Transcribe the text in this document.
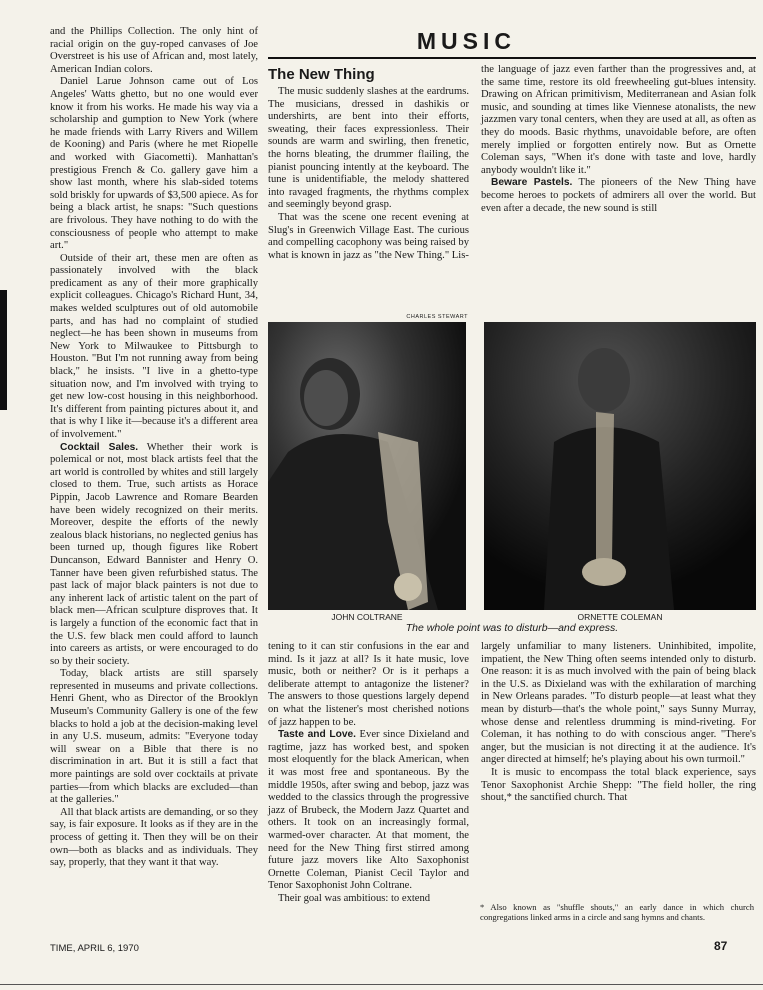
and the Phillips Collection. The only hint of racial origin on the guy-roped canvases of Joe Overstreet is his use of African and, most lately, American Indian colors.

Daniel Larue Johnson came out of Los Angeles' Watts ghetto, but no one would ever know it from his works. He made his way via a scholarship and gumption to New York (where he made friends with Larry Rivers and Willem de Kooning) and Paris (where he met Riopelle and worked with Giacometti). Manhattan's prestigious French & Co. gallery gave him a show last month, where his slab-sided totems sold briskly for upwards of $3,500 apiece. As for being a black artist, he snaps: "Such questions are frivolous. They have nothing to do with the consciousness of people who attempt to make art."

Outside of their art, these men are often as passionately involved with the black predicament as any of their more graphically explicit colleagues. Chicago's Richard Hunt, 34, makes welded sculptures out of old automobile parts, and has had no complaint of studied neglect—he has been shown in museums from New York to Milwaukee to Pittsburgh to Houston. "But I'm not running away from being black," he insists. "I live in a ghetto-type situation now, and I'm involved with trying to get new low-cost housing in this neighborhood. It's different from painting pictures about it, and that is why I like it—because it's a different area of involvement."

Cocktail Sales. Whether their work is polemical or not, most black artists feel that the art world is controlled by whites and still largely closed to them. True, such artists as Horace Pippin, Jacob Lawrence and Romare Bearden have been widely recognized on their merits. Moreover, despite the efforts of the newly zealous black historians, no neglected genius has been turned up, though figures like Robert Duncanson, Edward Bannister and Henry O. Tanner have been given refurbished status. The past lack of major black painters is not due to any inherent lack of artistic talent on the part of black men—African sculpture disproves that. It is largely a function of the economic fact that in the U.S. few black men could afford to launch into careers as artists, or were encouraged to do so by their society.

Today, black artists are still sparsely represented in museums and private collections. Henri Ghent, who as Director of the Brooklyn Museum's Community Gallery is one of the few blacks to hold a job at the decision-making level in any U.S. museum, admits: "Everyone today will swear on a Bible that there is no discrimination in art. But it is still a fact that more paintings are sold over cocktails at private parties—from which blacks are excluded—than at the galleries."

All that black artists are demanding, or so they say, is fair exposure. It looks as if they are in the process of getting it. Then they will be on their own—both as blacks and as individuals. They say, properly, that they want it that way.

MUSIC
The New Thing

The music suddenly slashes at the eardrums. The musicians, dressed in dashikis or undershirts, are bent into their efforts, sweating, their faces expressionless. Their sounds are warm and swirling, then frenetic, the horns bleating, the drummer flailing, the pianist pouncing intently at the keyboard. The tune is unidentifiable, the melody shattered into ravaged fragments, the rhythms complex and seemingly beyond grasp.

That was the scene one recent evening at Slug's in Greenwich Village East. The curious and compelling cacophony was being raised by what is known in jazz as "the New Thing." Lis-

the language of jazz even farther than the progressives and, at the same time, restore its old freewheeling gut-blues intensity. Drawing on African primitivism, Mediterranean and Asian folk music, and sounding at times like Viennese atonalists, the new jazzmen vary tonal centers, when they are used at all, as often as they do moods. Basic rhythms, unavoidable before, are often merely implied or forgotten entirely now. But as Ornette Coleman says, "When it's done with taste and love, hardly anybody wouldn't like it."

Beware Pastels. The pioneers of the New Thing have become heroes to pockets of admirers all over the world. But even after a decade, the new sound is still

CHARLES STEWART
JOHN COLTRANE	ORNETTE COLEMAN
The whole point was to disturb—and express.

tening to it can stir confusions in the ear and mind. Is it jazz at all? Is it hate music, love music, both or neither? Or is it perhaps a deliberate attempt to antagonize the listener? The answers to those questions largely depend on what the listener's most cherished notions of jazz happen to be.

Taste and Love. Ever since Dixieland and ragtime, jazz has worked best, and spoken most eloquently for the black American, when it was most free and spontaneous. By the middle 1950s, after swing and bebop, jazz was wedded to the classics through the progressive jazz of Brubeck, the Modern Jazz Quartet and others. It took on an increasingly formal, warmed-over character. At that moment, the need for the New Thing first stirred among future jazz movers like Alto Saxophonist Ornette Coleman, Pianist Cecil Taylor and Tenor Saxophonist John Coltrane.

Their goal was ambitious: to extend

largely unfamiliar to many listeners. Uninhibited, impolite, impatient, the New Thing often seems intended only to disturb. One reason: it is as much involved with the pain of being black in the U.S. as Dixieland was with the exhilaration of marching in New Orleans parades. "To disturb people—at least what they mean by disturb—that's the whole point," says Sunny Murray, whose dense and relentless drumming is mind-riveting. For Coleman, it has nothing to do with conscious anger. "There's anger, but the musician is not directing it at the audience. It's anger directed at himself; he's playing about his own turmoil."

It is music to encompass the total black experience, says Tenor Saxophonist Archie Shepp: "The field holler, the ring shout,* the sanctified church. That

* Also known as "shuffle shouts," an early dance in which church congregations linked arms in a circle and sang hymns and chants.
TIME, APRIL 6, 1970	87
